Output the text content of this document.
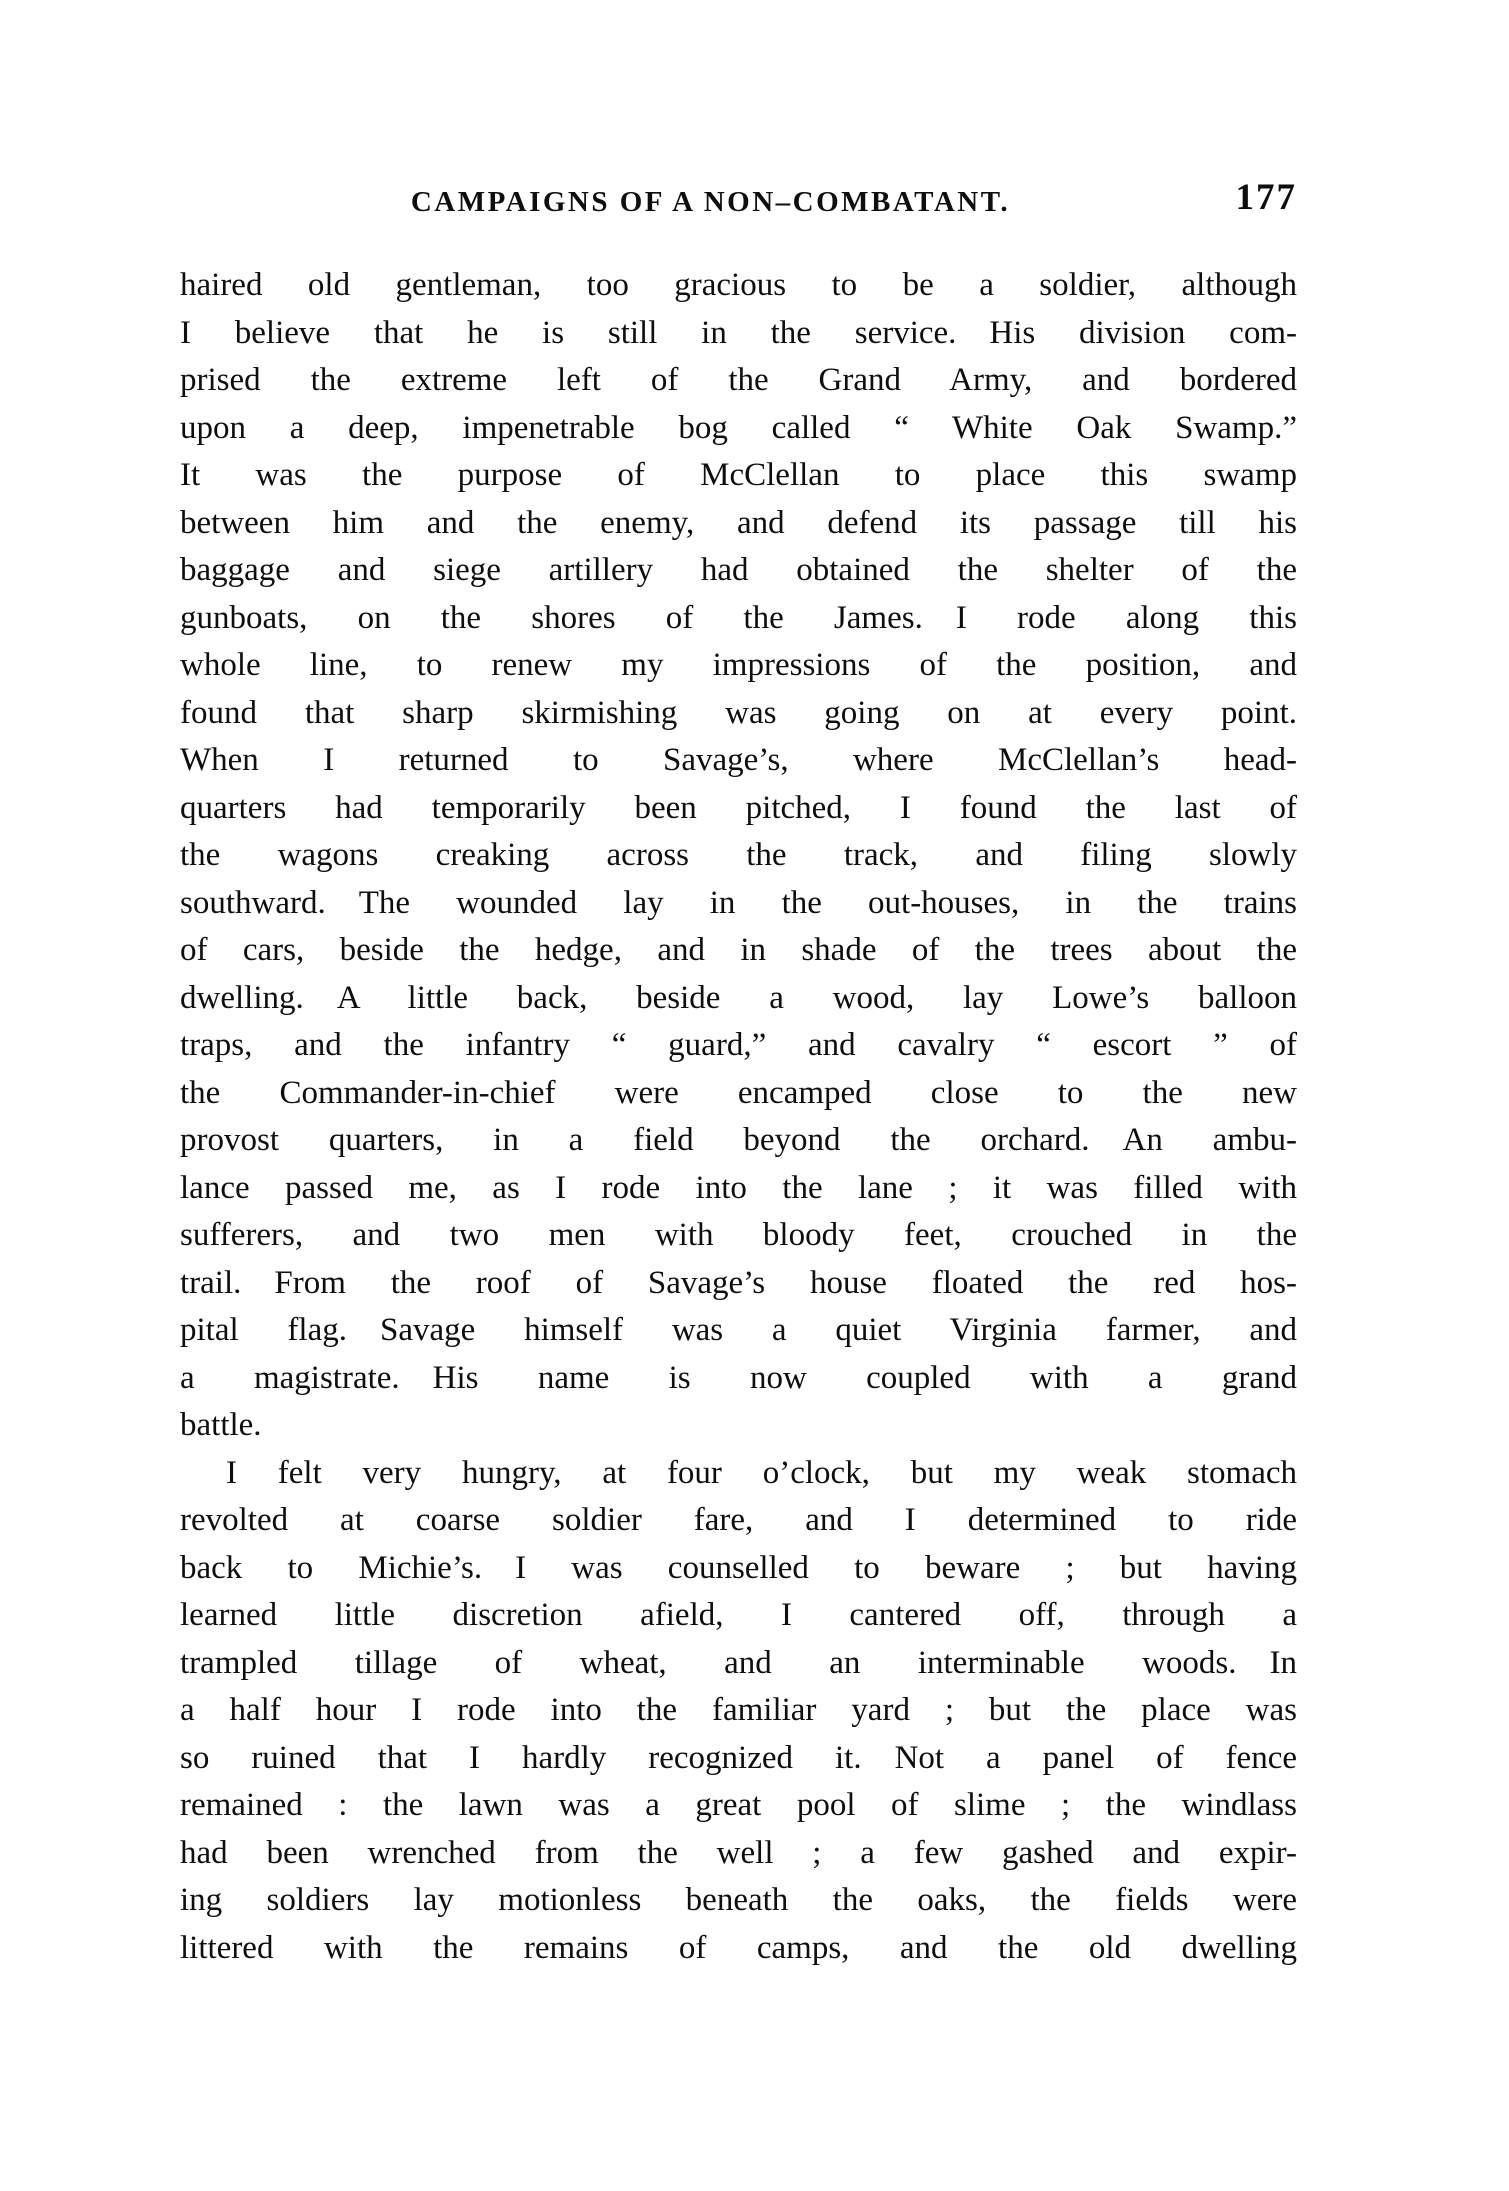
CAMPAIGNS OF A NON–COMBATANT.	177
haired old gentleman, too gracious to be a soldier, although
I believe that he is still in the service. His division com-
prised the extreme left of the Grand Army, and bordered
upon a deep, impenetrable bog called “ White Oak Swamp.”
It was the purpose of McClellan to place this swamp
between him and the enemy, and defend its passage till his
baggage and siege artillery had obtained the shelter of the
gunboats, on the shores of the James. I rode along this
whole line, to renew my impressions of the position, and
found that sharp skirmishing was going on at every point.
When I returned to Savage’s, where McClellan’s head-
quarters had temporarily been pitched, I found the last of
the wagons creaking across the track, and filing slowly
southward. The wounded lay in the out-houses, in the trains
of cars, beside the hedge, and in shade of the trees about the
dwelling. A little back, beside a wood, lay Lowe’s balloon
traps, and the infantry “ guard,” and cavalry “ escort ” of
the Commander-in-chief were encamped close to the new
provost quarters, in a field beyond the orchard. An ambu-
lance passed me, as I rode into the lane ; it was filled with
sufferers, and two men with bloody feet, crouched in the
trail. From the roof of Savage’s house floated the red hos-
pital flag. Savage himself was a quiet Virginia farmer, and
a magistrate. His name is now coupled with a grand
battle.
I felt very hungry, at four o’clock, but my weak stomach
revolted at coarse soldier fare, and I determined to ride
back to Michie’s. I was counselled to beware ; but having
learned little discretion afield, I cantered off, through a
trampled tillage of wheat, and an interminable woods. In
a half hour I rode into the familiar yard ; but the place was
so ruined that I hardly recognized it. Not a panel of fence
remained : the lawn was a great pool of slime ; the windlass
had been wrenched from the well ; a few gashed and expir-
ing soldiers lay motionless beneath the oaks, the fields were
littered with the remains of camps, and the old dwelling
